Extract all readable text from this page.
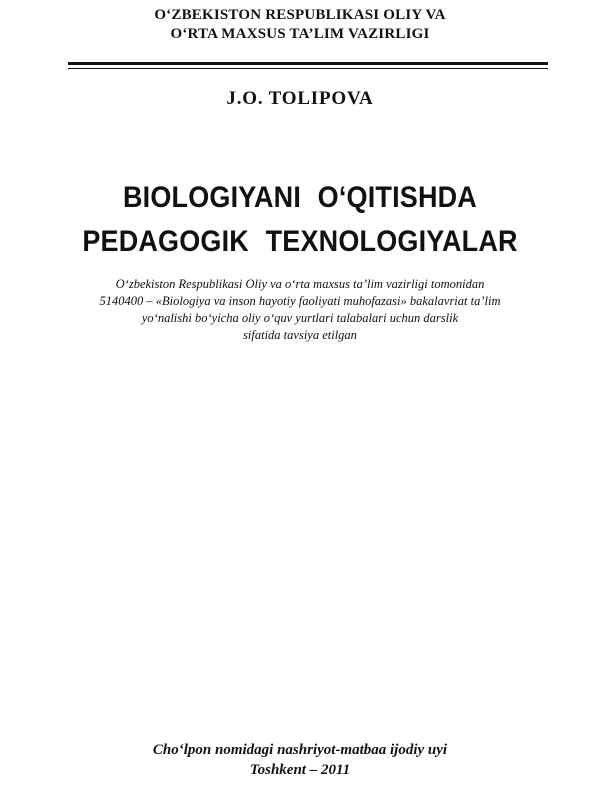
O‘ZBEKISTON RESPUBLIKASI OLIY VA
O‘RTA MAXSUS TA’LIM VAZIRLIGI
J.O. TOLIPOVA
BIOLOGIYANI O‘QITISHDA
PEDAGOGIK TEXNOLOGIYALAR
O‘zbekiston Respublikasi Oliy va o‘rta maxsus ta’lim vazirligi tomonidan
5140400 – «Biologiya va inson hayotiy faoliyati muhofazasi» bakalavriat ta’lim
yo‘nalishi bo‘yicha oliy o‘quv yurtlari talabalari uchun darslik
sifatida tavsiya etilgan
Cho‘lpon nomidagi nashriyot-matbaa ijodiy uyi
Toshkent – 2011
